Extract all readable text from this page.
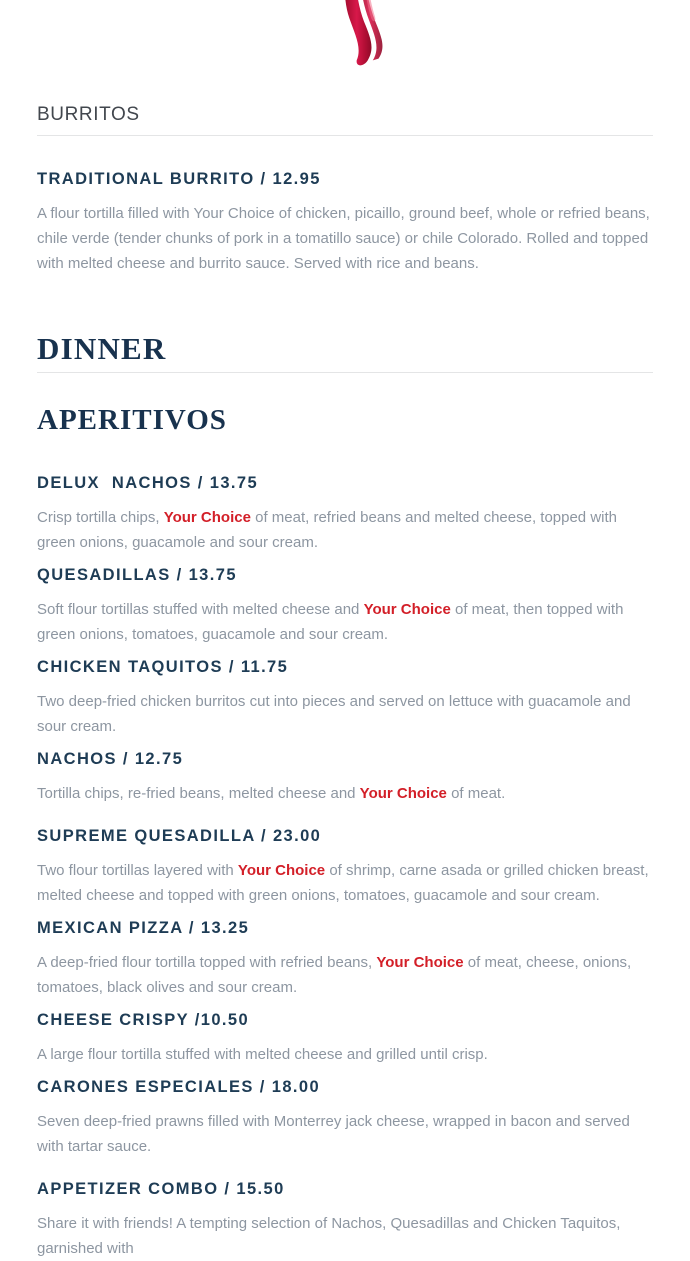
BURRITOS
TRADITIONAL BURRITO / 12.95

A flour tortilla filled with Your Choice of chicken, picaillo, ground beef, whole or refried beans, chile verde (tender chunks of pork in a tomatillo sauce) or chile Colorado. Rolled and topped with melted cheese and burrito sauce. Served with rice and beans.

DINNER
APERITIVOS
DELUX  NACHOS / 13.75

Crisp tortilla chips, Your Choice of meat, refried beans and melted cheese, topped with green onions, guacamole and sour cream.

QUESADILLAS / 13.75

Soft flour tortillas stuffed with melted cheese and Your Choice of meat, then topped with green onions, tomatoes, guacamole and sour cream.

CHICKEN TAQUITOS / 11.75

Two deep-fried chicken burritos cut into pieces and served on lettuce with guacamole and sour cream.

NACHOS / 12.75

Tortilla chips, re-fried beans, melted cheese and Your Choice of meat.

SUPREME QUESADILLA / 23.00

Two flour tortillas layered with Your Choice of shrimp, carne asada or grilled chicken breast, melted cheese and topped with green onions, tomatoes, guacamole and sour cream.

MEXICAN PIZZA / 13.25

A deep-fried flour tortilla topped with refried beans, Your Choice of meat, cheese, onions, tomatoes, black olives and sour cream.

CHEESE CRISPY /10.50

A large flour tortilla stuffed with melted cheese and grilled until crisp.

CARONES ESPECIALES / 18.00

Seven deep-fried prawns filled with Monterrey jack cheese, wrapped in bacon and served with tartar sauce.

APPETIZER COMBO / 15.50

Share it with friends! A tempting selection of Nachos, Quesadillas and Chicken Taquitos, garnished with
